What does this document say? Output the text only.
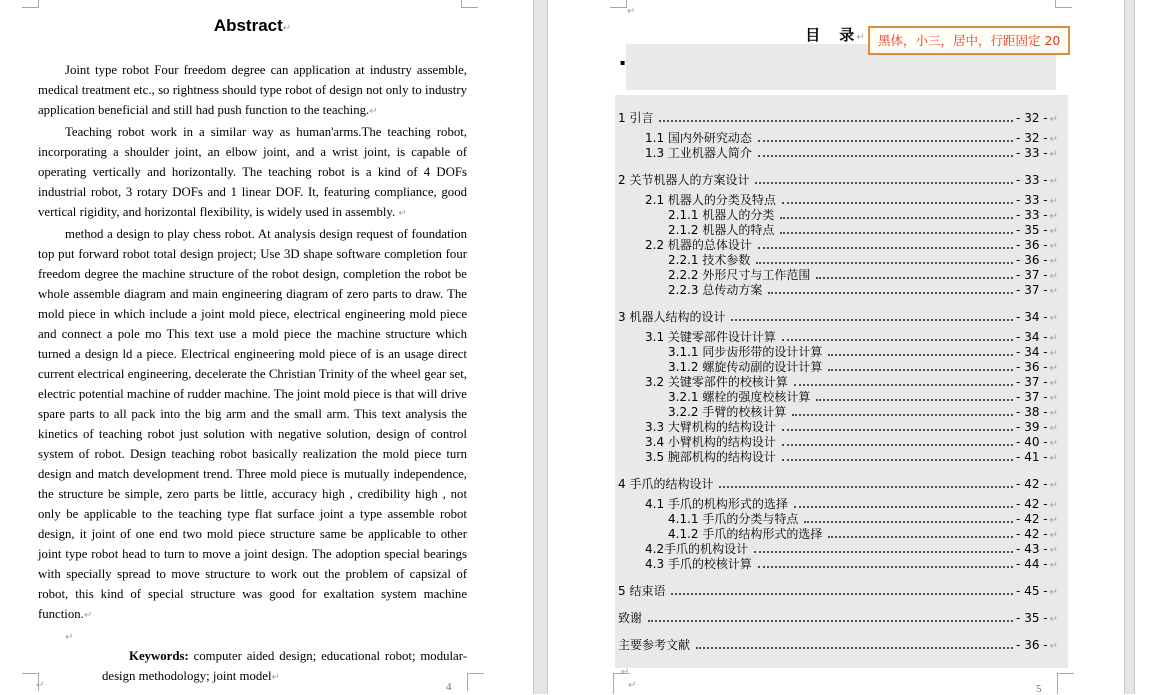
Abstract↵

Joint type robot Four freedom degree can application at industry assemble, medical treatment etc., so rightness should type robot of design not only to industry application beneficial and still had push function to the teaching.↵

Teaching robot work in a similar way as human'arms.The teaching robot, incorporating a shoulder joint, an elbow joint, and a wrist joint, is capable of operating vertically and horizontally. The teaching robot is a kind of 4 DOFs industrial robot, 3 rotary DOFs and 1 linear DOF. It, featuring compliance, good vertical rigidity, and horizontal flexibility, is widely used in assembly. ↵

method a design to play chess robot. At analysis design request of foundation top put forward robot total design project; Use 3D shape software completion four freedom degree the machine structure of the robot design, completion the robot be whole assemble diagram and main engineering diagram of zero parts to draw. The mold piece in which include a joint mold piece, electrical engineering mold piece and connect a pole mo This text use a mold piece the machine structure which turned a design ld a piece. Electrical engineering mold piece of is an usage direct current electrical engineering, decelerate the Christian Trinity of the wheel gear set, electric potential machine of rudder machine. The joint mold piece is that will drive spare parts to all pack into the big arm and the small arm. This text analysis the kinetics of teaching robot just solution with negative solution, design of control system of robot. Design teaching robot basically realization the mold piece turn design and match development trend. Three mold piece is mutually independence, the structure be simple, zero parts be little, accuracy high , credibility high , not only be applicable to the teaching type flat surface joint a type assemble robot design, it joint of one end two mold piece structure same be applicable to other joint type robot head to turn to move a joint design. The adoption special bearings with specially spread to move structure to work out the problem of capsizal of robot, this kind of special structure was good for exaltation system machine function.↵

↵

Keywords: computer aided design; educational robot; modular-design methodology; joint model↵

↵	4
↵
目　录↵ 黑体，小三，居中，行距固定 20
▪
1 引言	- 32 - ↵
1.1 国内外研究动态	- 32 - ↵
1.3 工业机器人简介	- 33 - ↵
2 关节机器人的方案设计	- 33 - ↵
2.1 机器人的分类及特点	- 33 - ↵
2.1.1 机器人的分类	- 33 - ↵
2.1.2 机器人的特点	- 35 - ↵
2.2 机器的总体设计	- 36 - ↵
2.2.1 技术参数	- 36 - ↵
2.2.2 外形尺寸与工作范围	- 37 - ↵
2.2.3 总传动方案	- 37 - ↵
3 机器人结构的设计	- 34 - ↵
3.1 关键零部件设计计算	- 34 - ↵
3.1.1 同步齿形带的设计计算	- 34 - ↵
3.1.2 螺旋传动副的设计计算	- 36 - ↵
3.2 关键零部件的校核计算	- 37 - ↵
3.2.1 螺栓的强度校核计算	- 37 - ↵
3.2.2 手臂的校核计算	- 38 - ↵
3.3 大臂机构的结构设计	- 39 - ↵
3.4 小臂机构的结构设计	- 40 - ↵
3.5 腕部机构的结构设计	- 41 - ↵
4 手爪的结构设计	- 42 - ↵
4.1 手爪的机构形式的选择	- 42 - ↵
4.1.1 手爪的分类与特点	- 42 - ↵
4.1.2 手爪的结构形式的选择	- 42 - ↵
4.2手爪的机构设计	- 43 - ↵
4.3 手爪的校核计算	- 44 - ↵
5 结束语	- 45 - ↵
致谢	- 35 - ↵
主要参考文献	- 36 - ↵
↵
↵	5
